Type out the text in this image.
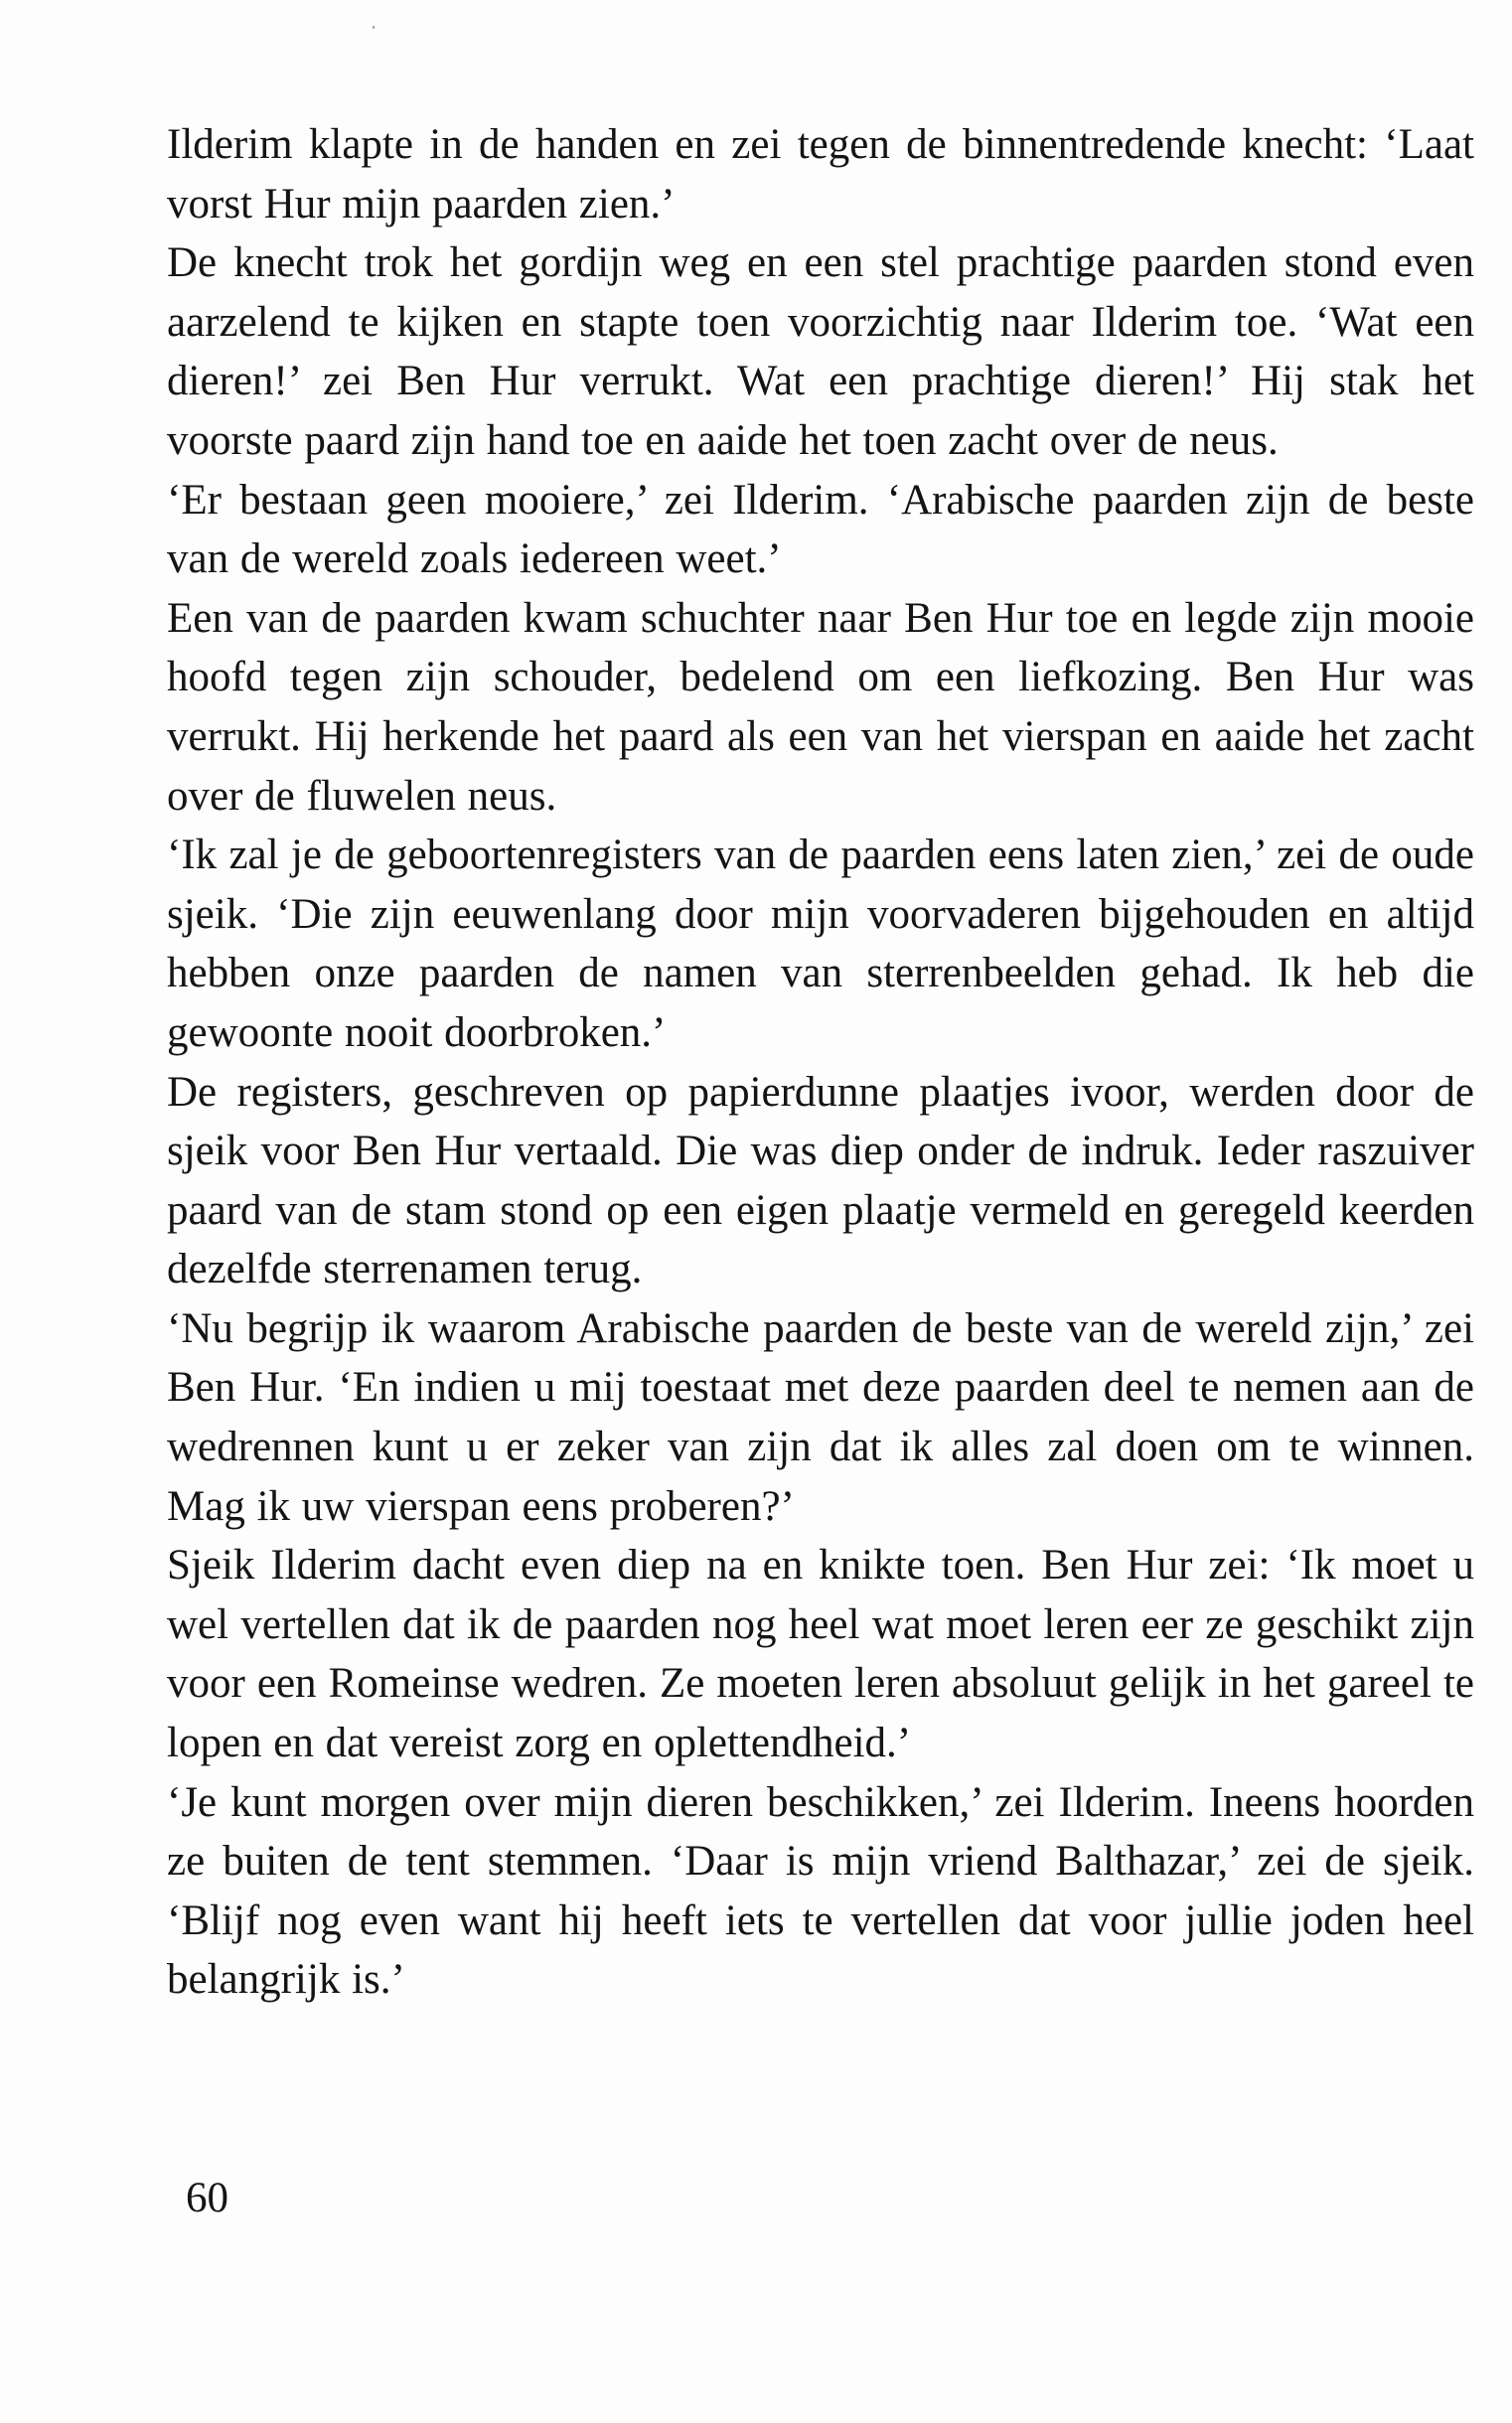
Ilderim klapte in de handen en zei tegen de binnentredende knecht: ‘Laat vorst Hur mijn paarden zien.’

De knecht trok het gordijn weg en een stel prachtige paarden stond even aarzelend te kijken en stapte toen voorzichtig naar Ilderim toe. ‘Wat een dieren!’ zei Ben Hur verrukt. Wat een prachtige dieren!’ Hij stak het voorste paard zijn hand toe en aaide het toen zacht over de neus.

‘Er bestaan geen mooiere,’ zei Ilderim. ‘Arabische paarden zijn de beste van de wereld zoals iedereen weet.’

Een van de paarden kwam schuchter naar Ben Hur toe en legde zijn mooie hoofd tegen zijn schouder, bedelend om een liefkozing. Ben Hur was verrukt. Hij herkende het paard als een van het vierspan en aaide het zacht over de fluwelen neus.

‘Ik zal je de geboortenregisters van de paarden eens laten zien,’ zei de oude sjeik. ‘Die zijn eeuwenlang door mijn voorvaderen bijgehouden en altijd hebben onze paarden de namen van sterrenbeelden gehad. Ik heb die gewoonte nooit doorbroken.’

De registers, geschreven op papierdunne plaatjes ivoor, werden door de sjeik voor Ben Hur vertaald. Die was diep onder de indruk. Ieder raszuiver paard van de stam stond op een eigen plaatje vermeld en geregeld keerden dezelfde sterrenamen terug.

‘Nu begrijp ik waarom Arabische paarden de beste van de wereld zijn,’ zei Ben Hur. ‘En indien u mij toestaat met deze paarden deel te nemen aan de wedrennen kunt u er zeker van zijn dat ik alles zal doen om te winnen. Mag ik uw vierspan eens proberen?’

Sjeik Ilderim dacht even diep na en knikte toen. Ben Hur zei: ‘Ik moet u wel vertellen dat ik de paarden nog heel wat moet leren eer ze geschikt zijn voor een Romeinse wedren. Ze moeten leren absoluut gelijk in het gareel te lopen en dat vereist zorg en oplettendheid.’

‘Je kunt morgen over mijn dieren beschikken,’ zei Ilderim. Ineens hoorden ze buiten de tent stemmen. ‘Daar is mijn vriend Balthazar,’ zei de sjeik. ‘Blijf nog even want hij heeft iets te vertellen dat voor jullie joden heel belangrijk is.’

60
